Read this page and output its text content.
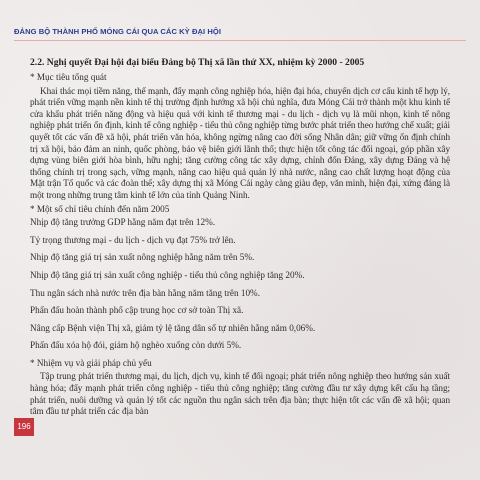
ĐẢNG BỘ THÀNH PHỐ MÓNG CÁI QUA CÁC KỲ ĐẠI HỘI
2.2. Nghị quyết Đại hội đại biểu Đảng bộ Thị xã lần thứ XX, nhiệm kỳ 2000 - 2005
* Mục tiêu tổng quát

Khai thác mọi tiềm năng, thế mạnh, đẩy mạnh công nghiệp hóa, hiện đại hóa, chuyển dịch cơ cấu kinh tế hợp lý, phát triển vững mạnh nền kinh tế thị trường định hướng xã hội chủ nghĩa, đưa Móng Cái trở thành một khu kinh tế cửa khẩu phát triển năng động và hiệu quả với kinh tế thương mại - du lịch - dịch vụ là mũi nhọn, kinh tế nông nghiệp phát triển ổn định, kinh tế công nghiệp - tiểu thủ công nghiệp từng bước phát triển theo hướng chế xuất; giải quyết tốt các vấn đề xã hội, phát triển văn hóa, không ngừng nâng cao đời sống Nhân dân; giữ vững ổn định chính trị xã hội, bảo đảm an ninh, quốc phòng, bảo vệ biên giới lãnh thổ; thực hiện tốt công tác đối ngoại, góp phần xây dựng vùng biên giới hòa bình, hữu nghị; tăng cường công tác xây dựng, chỉnh đốn Đảng, xây dựng Đảng và hệ thống chính trị trong sạch, vững mạnh, nâng cao hiệu quả quản lý nhà nước, nâng cao chất lượng hoạt động của Mặt trận Tổ quốc và các đoàn thể; xây dựng thị xã Móng Cái ngày càng giàu đẹp, văn minh, hiện đại, xứng đáng là một trong những trung tâm kinh tế lớn của tỉnh Quảng Ninh.

* Một số chỉ tiêu chính đến năm 2005
Nhịp độ tăng trưởng GDP hằng năm đạt trên 12%.
Tỷ trọng thương mại - du lịch - dịch vụ đạt 75% trở lên.
Nhịp độ tăng giá trị sản xuất nông nghiệp hằng năm trên 5%.
Nhịp độ tăng giá trị sản xuất công nghiệp - tiểu thủ công nghiệp tăng 20%.
Thu ngân sách nhà nước trên địa bàn hằng năm tăng trên 10%.
Phấn đấu hoàn thành phổ cập trung học cơ sở toàn Thị xã.
Nâng cấp Bệnh viện Thị xã, giảm tỷ lệ tăng dân số tự nhiên hằng năm 0,06%.
Phấn đấu xóa hộ đói, giảm hộ nghèo xuống còn dưới 5%.
* Nhiệm vụ và giải pháp chủ yếu

Tập trung phát triển thương mại, du lịch, dịch vụ, kinh tế đối ngoại; phát triển nông nghiệp theo hướng sản xuất hàng hóa; đẩy mạnh phát triển công nghiệp - tiểu thủ công nghiệp; tăng cường đầu tư xây dựng kết cấu hạ tầng; phát triển, nuôi dưỡng và quản lý tốt các nguồn thu ngân sách trên địa bàn; thực hiện tốt các vấn đề xã hội; quan tâm đầu tư phát triển các địa bàn

196
